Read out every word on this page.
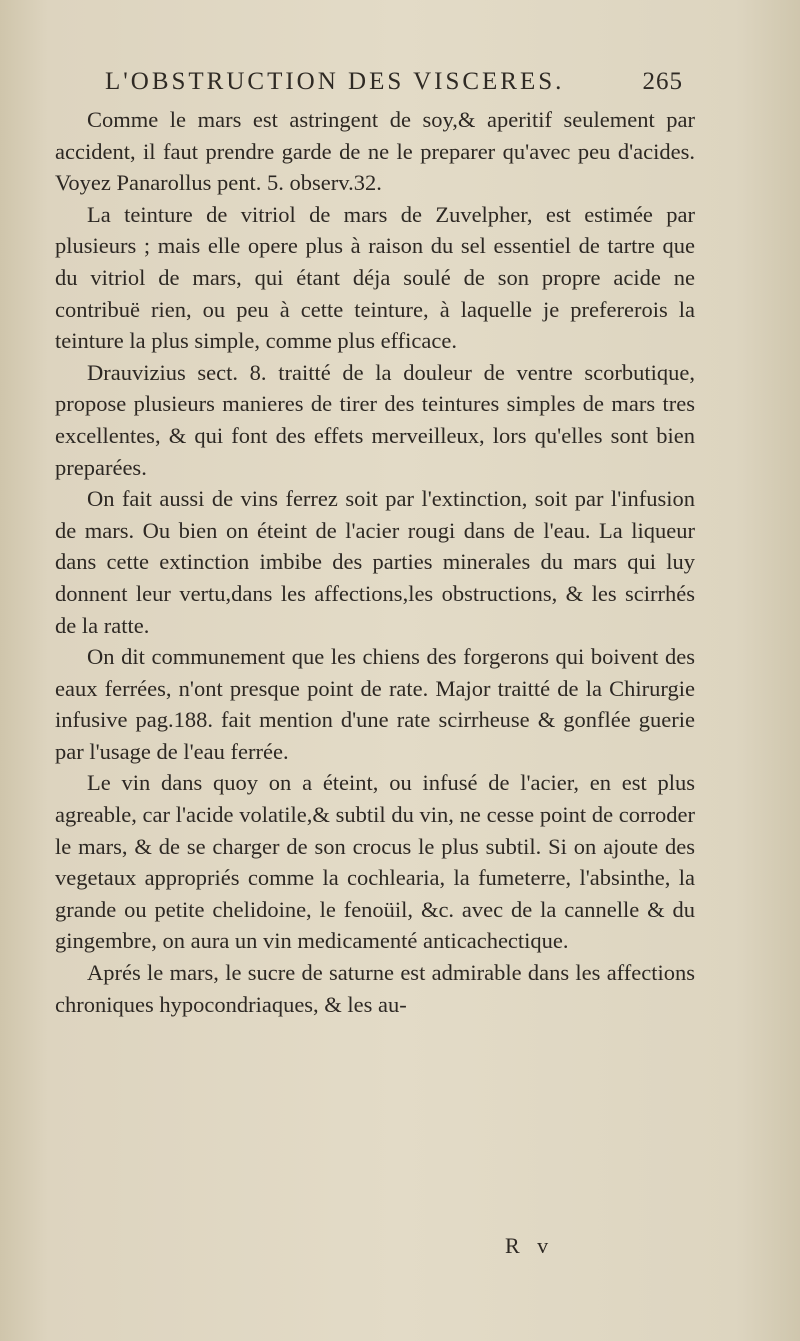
L'OBSTRUCTION DES VISCERES.	265

Comme le mars est astringent de soy,& aperitif seulement par accident, il faut prendre garde de ne le preparer qu'avec peu d'acides. Voyez Panarollus pent. 5. observ.32.

La teinture de vitriol de mars de Zuvelpher, est estimée par plusieurs ; mais elle opere plus à raison du sel essentiel de tartre que du vitriol de mars, qui étant déja soulé de son propre acide ne contribuë rien, ou peu à cette teinture, à laquelle je prefererois la teinture la plus simple, comme plus efficace.

Drauvizius sect. 8. traitté de la douleur de ventre scorbutique, propose plusieurs manieres de tirer des teintures simples de mars tres excellentes, & qui font des effets merveilleux, lors qu'elles sont bien preparées.

On fait aussi de vins ferrez soit par l'extinction, soit par l'infusion de mars. Ou bien on éteint de l'acier rougi dans de l'eau. La liqueur dans cette extinction imbibe des parties minerales du mars qui luy donnent leur vertu,dans les affections,les obstructions, & les scirrhés de la ratte.

On dit communement que les chiens des forgerons qui boivent des eaux ferrées, n'ont presque point de rate. Major traitté de la Chirurgie infusive pag.188. fait mention d'une rate scirrheuse & gonflée guerie par l'usage de l'eau ferrée.

Le vin dans quoy on a éteint, ou infusé de l'acier, en est plus agreable, car l'acide volatile,& subtil du vin, ne cesse point de corroder le mars, & de se charger de son crocus le plus subtil. Si on ajoute des vegetaux appropriés comme la cochlearia, la fumeterre, l'absinthe, la grande ou petite chelidoine, le fenoüil, &c. avec de la cannelle & du gingembre, on aura un vin medicamenté anticachectique.

Aprés le mars, le sucre de saturne est admirable dans les affections chroniques hypocondriaques, & les au-

R v
